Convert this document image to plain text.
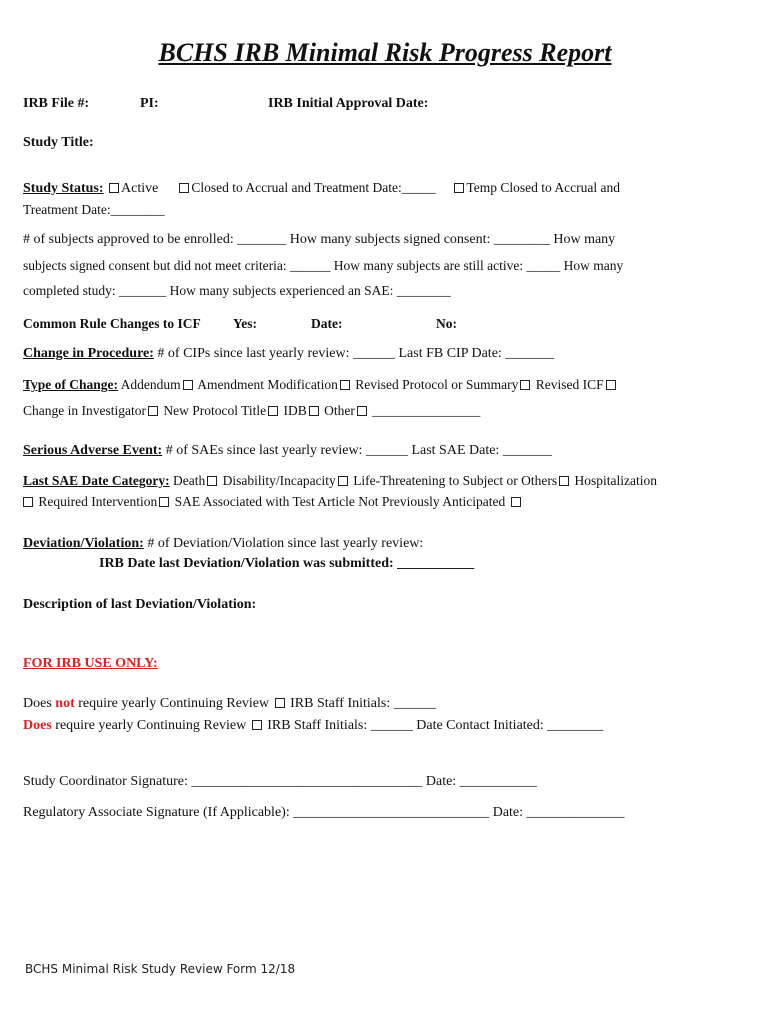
BCHS IRB Minimal Risk Progress Report
IRB File #:	PI:	IRB Initial Approval Date:
Study Title:
Study Status: Active Closed to Accrual and Treatment Date:_____ Temp Closed to Accrual and
Treatment Date:________
# of subjects approved to be enrolled: _______ How many subjects signed consent: ________ How many
subjects signed consent but did not meet criteria: ______ How many subjects are still active: _____ How many
completed study: _______ How many subjects experienced an SAE: ________
Common Rule Changes to ICF Yes:	Date:	No:
Change in Procedure: # of CIPs since last yearly review: ______ Last FB CIP Date: _______
Type of Change: Addendum Amendment Modification Revised Protocol or Summary Revised ICF
Change in Investigator New Protocol Title IDB Other ________________
Serious Adverse Event: # of SAEs since last yearly review: ______ Last SAE Date: _______
Last SAE Date Category: Death Disability/Incapacity Life-Threatening to Subject or Others Hospitalization
Required Intervention SAE Associated with Test Article Not Previously Anticipated
Deviation/Violation: # of Deviation/Violation since last yearly review:
IRB Date last Deviation/Violation was submitted: ___________
Description of last Deviation/Violation:
FOR IRB USE ONLY:
Does not require yearly Continuing Review IRB Staff Initials: ______
Does require yearly Continuing Review IRB Staff Initials: ______ Date Contact Initiated: ________
Study Coordinator Signature: _________________________________ Date: ___________
Regulatory Associate Signature (If Applicable): ____________________________ Date: ______________
BCHS Minimal Risk Study Review Form 12/18
